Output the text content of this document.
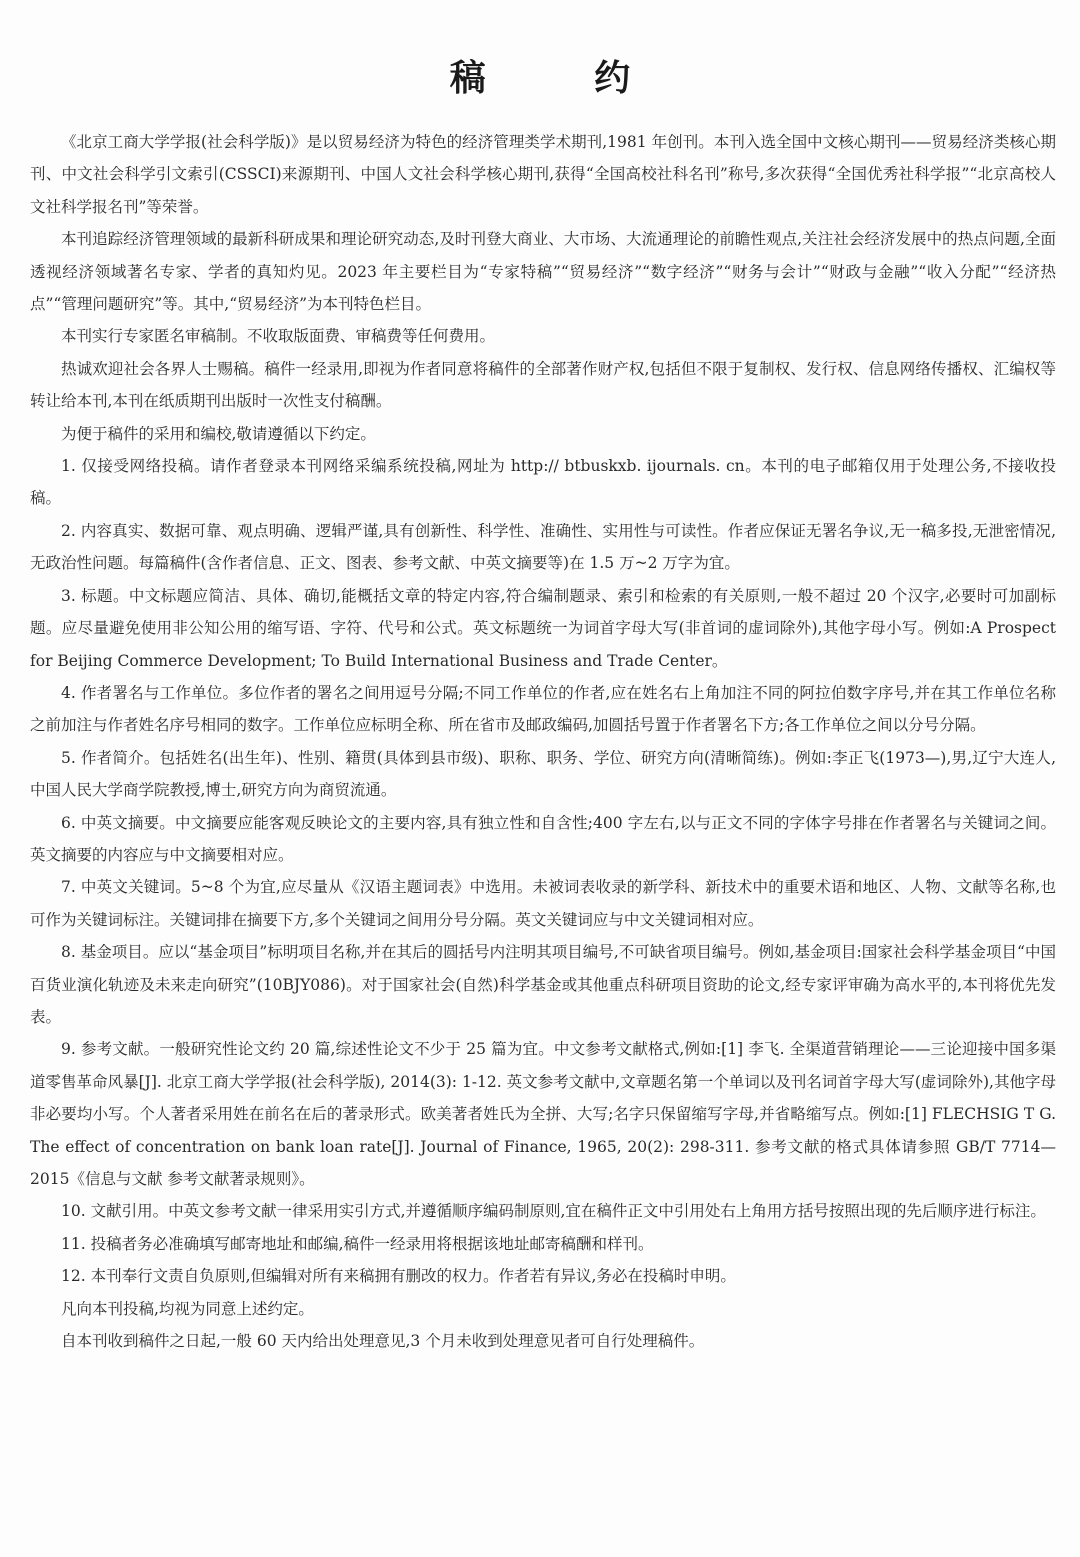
稿 约

《北京工商大学学报(社会科学版)》是以贸易经济为特色的经济管理类学术期刊,1981 年创刊。本刊入选全国中文核心期刊——贸易经济类核心期刊、中文社会科学引文索引(CSSCI)来源期刊、中国人文社会科学核心期刊,获得“全国高校社科名刊”称号,多次获得“全国优秀社科学报”“北京高校人文社科学报名刊”等荣誉。

本刊追踪经济管理领域的最新科研成果和理论研究动态,及时刊登大商业、大市场、大流通理论的前瞻性观点,关注社会经济发展中的热点问题,全面透视经济领域著名专家、学者的真知灼见。2023 年主要栏目为“专家特稿”“贸易经济”“数字经济”“财务与会计”“财政与金融”“收入分配”“经济热点”“管理问题研究”等。其中,“贸易经济”为本刊特色栏目。

本刊实行专家匿名审稿制。不收取版面费、审稿费等任何费用。

热诚欢迎社会各界人士赐稿。稿件一经录用,即视为作者同意将稿件的全部著作财产权,包括但不限于复制权、发行权、信息网络传播权、汇编权等转让给本刊,本刊在纸质期刊出版时一次性支付稿酬。

为便于稿件的采用和编校,敬请遵循以下约定。

1. 仅接受网络投稿。请作者登录本刊网络采编系统投稿,网址为 http:// btbuskxb. ijournals. cn。本刊的电子邮箱仅用于处理公务,不接收投稿。

2. 内容真实、数据可靠、观点明确、逻辑严谨,具有创新性、科学性、准确性、实用性与可读性。作者应保证无署名争议,无一稿多投,无泄密情况,无政治性问题。每篇稿件(含作者信息、正文、图表、参考文献、中英文摘要等)在 1.5 万~2 万字为宜。

3. 标题。中文标题应简洁、具体、确切,能概括文章的特定内容,符合编制题录、索引和检索的有关原则,一般不超过 20 个汉字,必要时可加副标题。应尽量避免使用非公知公用的缩写语、字符、代号和公式。英文标题统一为词首字母大写(非首词的虚词除外),其他字母小写。例如:A Prospect for Beijing Commerce Development; To Build International Business and Trade Center。

4. 作者署名与工作单位。多位作者的署名之间用逗号分隔;不同工作单位的作者,应在姓名右上角加注不同的阿拉伯数字序号,并在其工作单位名称之前加注与作者姓名序号相同的数字。工作单位应标明全称、所在省市及邮政编码,加圆括号置于作者署名下方;各工作单位之间以分号分隔。

5. 作者简介。包括姓名(出生年)、性别、籍贯(具体到县市级)、职称、职务、学位、研究方向(清晰简练)。例如:李正飞(1973—),男,辽宁大连人,中国人民大学商学院教授,博士,研究方向为商贸流通。

6. 中英文摘要。中文摘要应能客观反映论文的主要内容,具有独立性和自含性;400 字左右,以与正文不同的字体字号排在作者署名与关键词之间。英文摘要的内容应与中文摘要相对应。

7. 中英文关键词。5~8 个为宜,应尽量从《汉语主题词表》中选用。未被词表收录的新学科、新技术中的重要术语和地区、人物、文献等名称,也可作为关键词标注。关键词排在摘要下方,多个关键词之间用分号分隔。英文关键词应与中文关键词相对应。

8. 基金项目。应以“基金项目”标明项目名称,并在其后的圆括号内注明其项目编号,不可缺省项目编号。例如,基金项目:国家社会科学基金项目“中国百货业演化轨迹及未来走向研究”(10BJY086)。对于国家社会(自然)科学基金或其他重点科研项目资助的论文,经专家评审确为高水平的,本刊将优先发表。

9. 参考文献。一般研究性论文约 20 篇,综述性论文不少于 25 篇为宜。中文参考文献格式,例如:[1] 李飞. 全渠道营销理论——三论迎接中国多渠道零售革命风暴[J]. 北京工商大学学报(社会科学版), 2014(3): 1-12. 英文参考文献中,文章题名第一个单词以及刊名词首字母大写(虚词除外),其他字母非必要均小写。个人著者采用姓在前名在后的著录形式。欧美著者姓氏为全拼、大写;名字只保留缩写字母,并省略缩写点。例如:[1] FLECHSIG T G. The effect of concentration on bank loan rate[J]. Journal of Finance, 1965, 20(2): 298-311. 参考文献的格式具体请参照 GB/T 7714—2015《信息与文献 参考文献著录规则》。

10. 文献引用。中英文参考文献一律采用实引方式,并遵循顺序编码制原则,宜在稿件正文中引用处右上角用方括号按照出现的先后顺序进行标注。

11. 投稿者务必准确填写邮寄地址和邮编,稿件一经录用将根据该地址邮寄稿酬和样刊。

12. 本刊奉行文责自负原则,但编辑对所有来稿拥有删改的权力。作者若有异议,务必在投稿时申明。

凡向本刊投稿,均视为同意上述约定。

自本刊收到稿件之日起,一般 60 天内给出处理意见,3 个月未收到处理意见者可自行处理稿件。
